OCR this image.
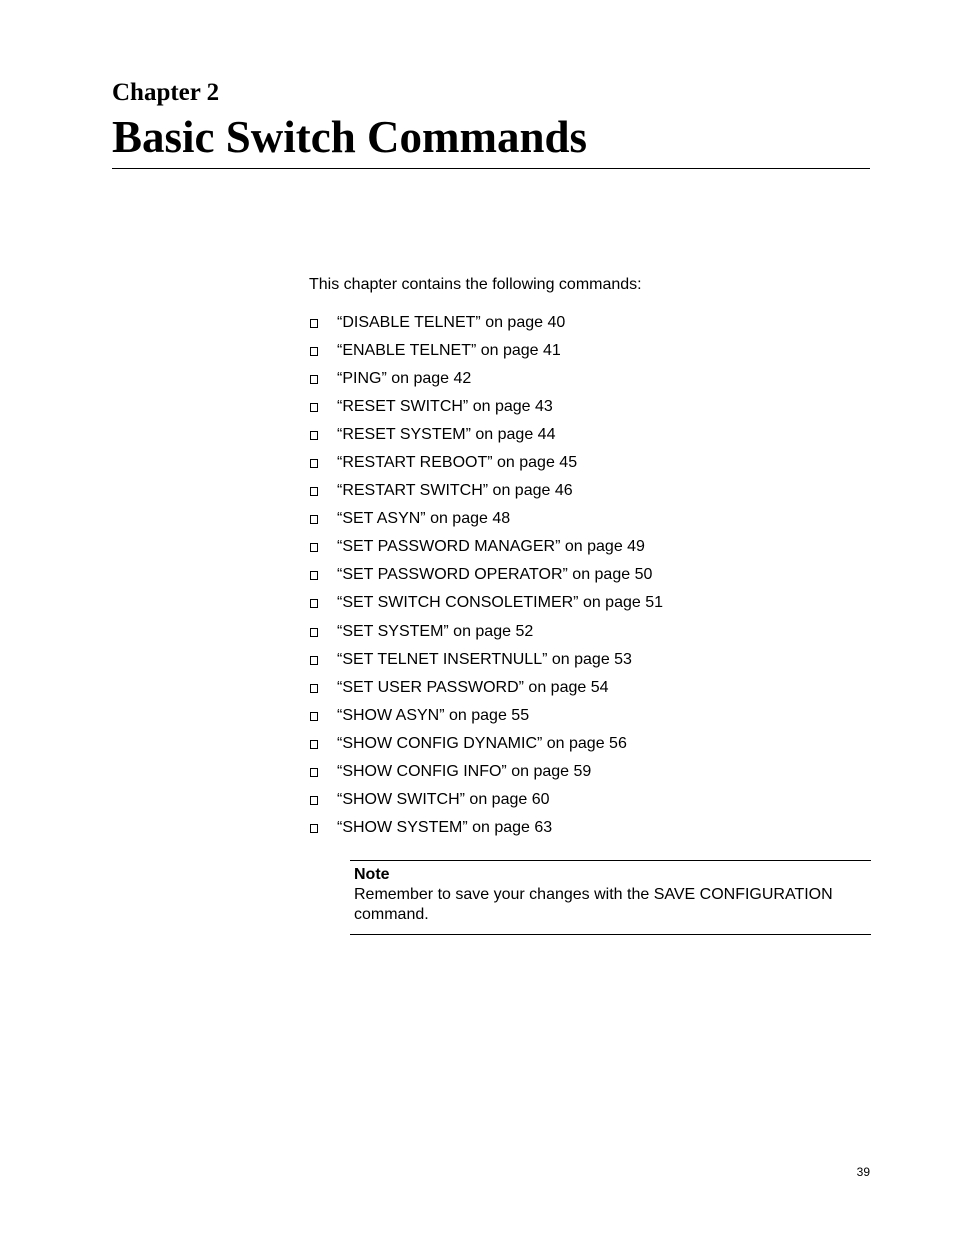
Chapter 2
Basic Switch Commands

This chapter contains the following commands:

“DISABLE TELNET” on page 40
“ENABLE TELNET” on page 41
“PING” on page 42
“RESET SWITCH” on page 43
“RESET SYSTEM” on page 44
“RESTART REBOOT” on page 45
“RESTART SWITCH” on page 46
“SET ASYN” on page 48
“SET PASSWORD MANAGER” on page 49
“SET PASSWORD OPERATOR” on page 50
“SET SWITCH CONSOLETIMER” on page 51
“SET SYSTEM” on page 52
“SET TELNET INSERTNULL” on page 53
“SET USER PASSWORD” on page 54
“SHOW ASYN” on page 55
“SHOW CONFIG DYNAMIC” on page 56
“SHOW CONFIG INFO” on page 59
“SHOW SWITCH” on page 60
“SHOW SYSTEM” on page 63

Note

Remember to save your changes with the SAVE CONFIGURATION command.

39
